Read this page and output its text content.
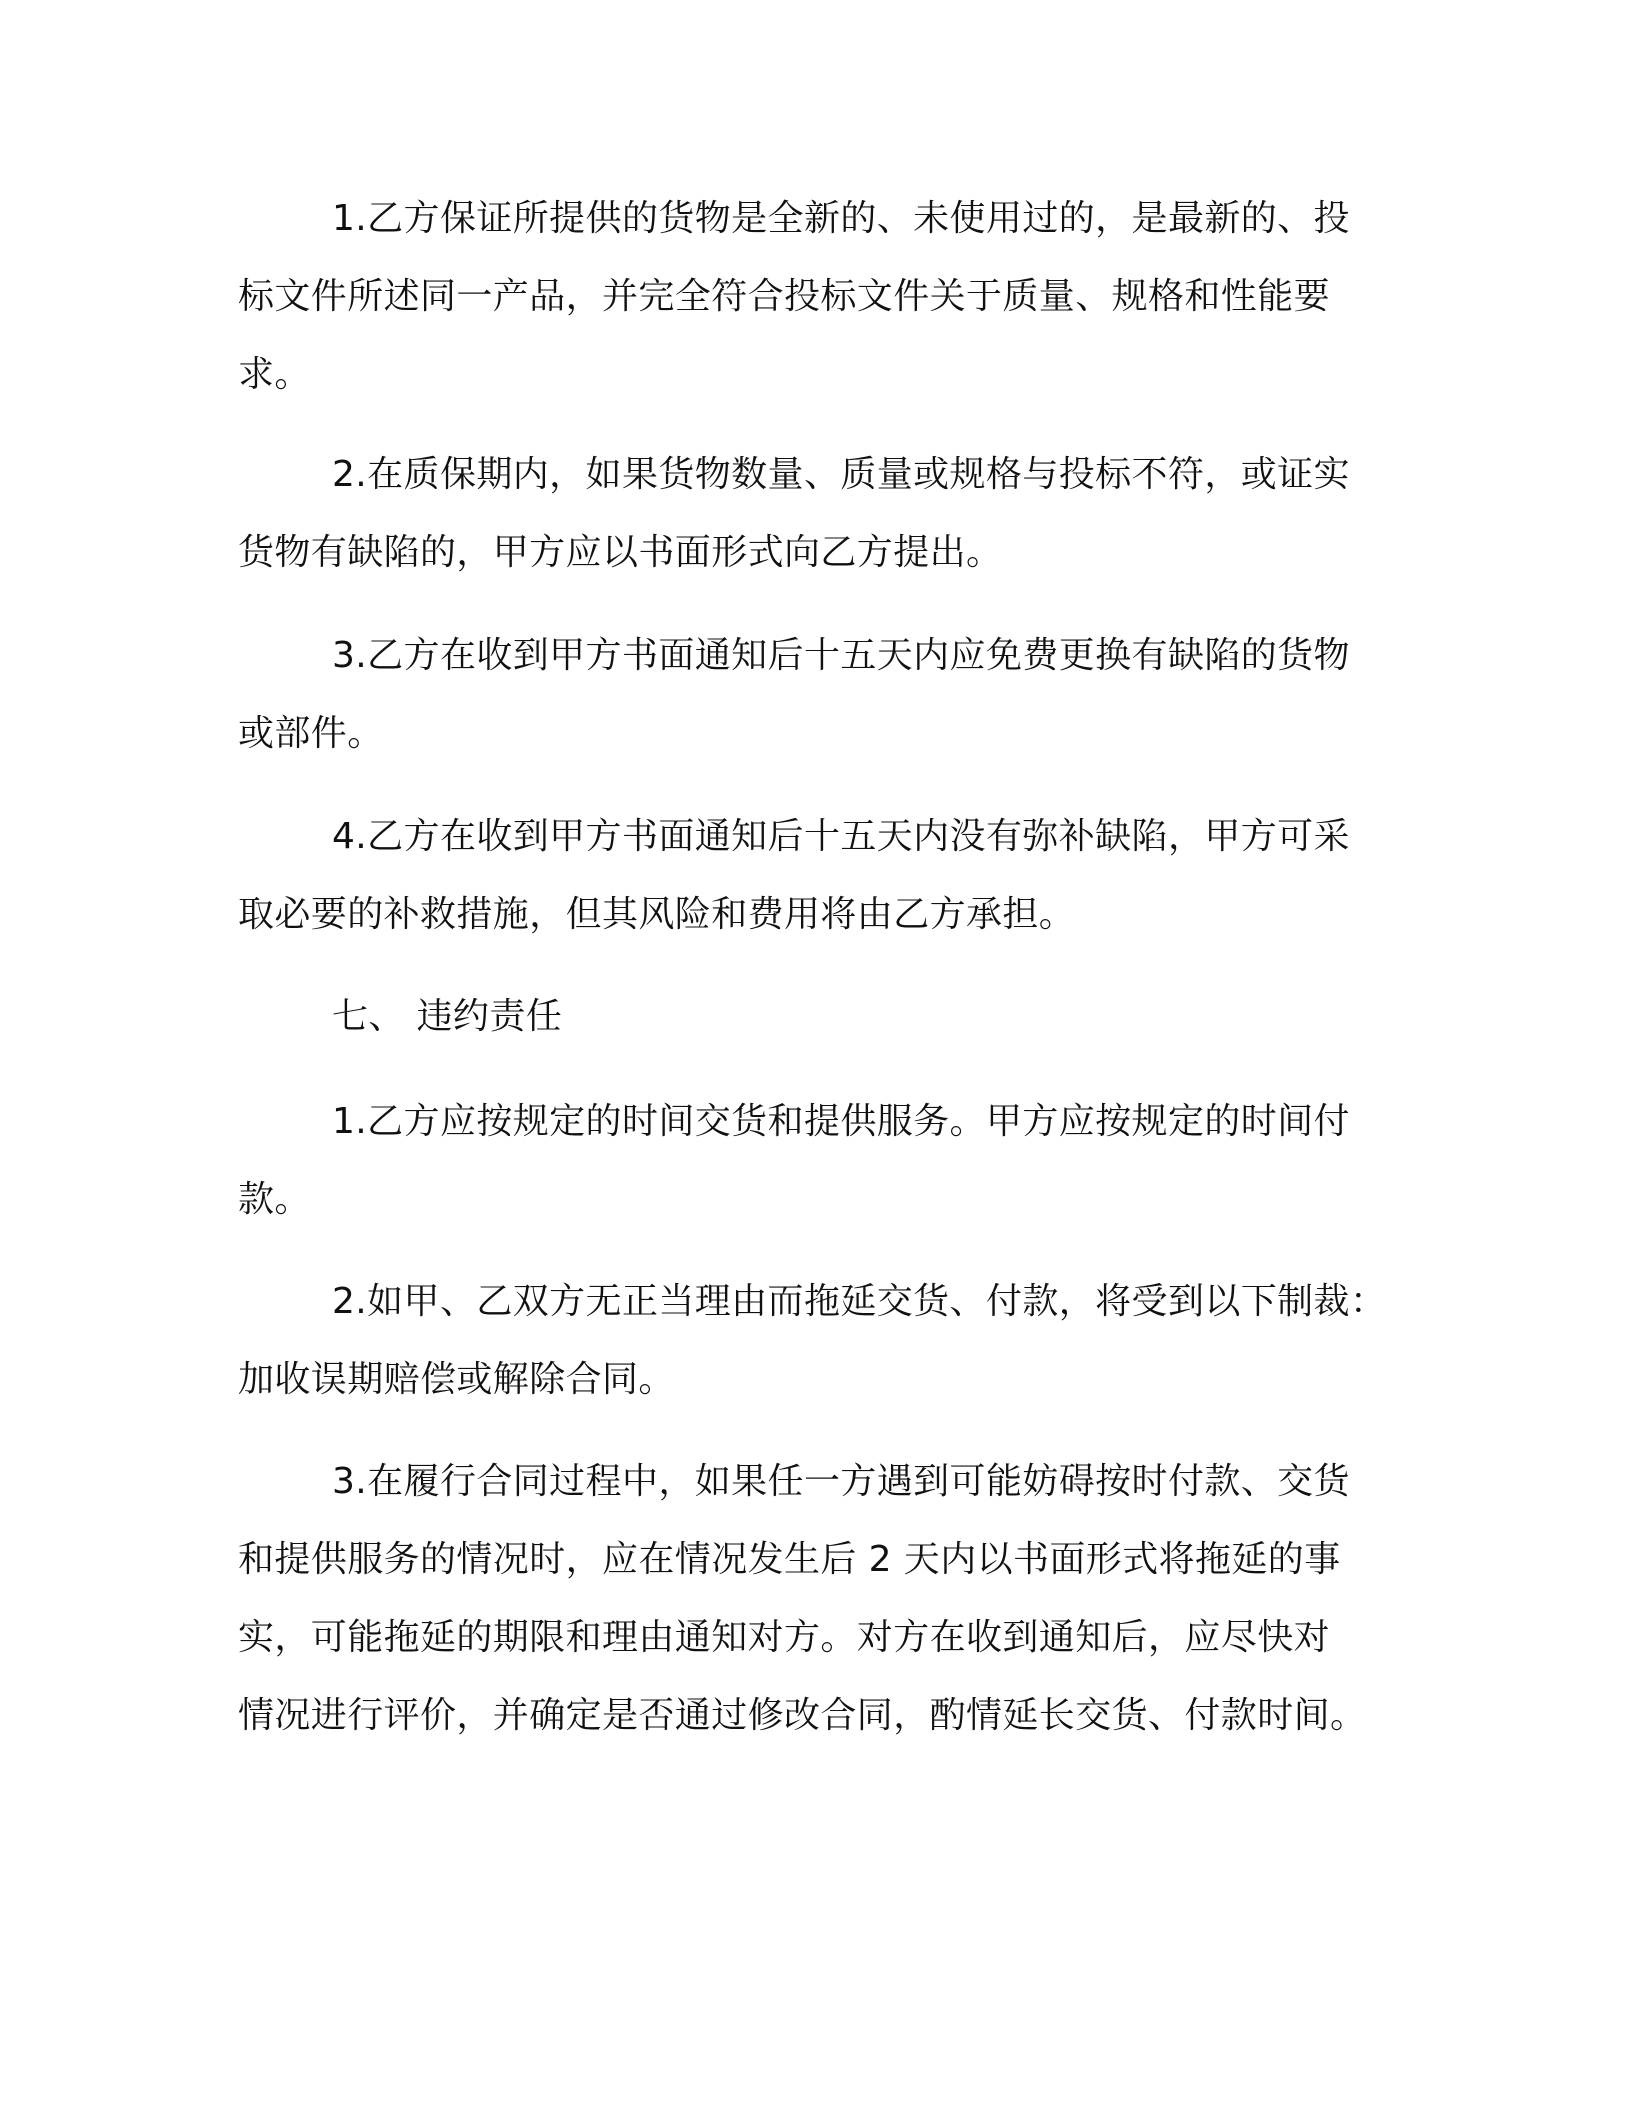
1.乙方保证所提供的货物是全新的、未使用过的，是最新的、投
标文件所述同一产品，并完全符合投标文件关于质量、规格和性能要
求。

2.在质保期内，如果货物数量、质量或规格与投标不符，或证实
货物有缺陷的，甲方应以书面形式向乙方提出。

3.乙方在收到甲方书面通知后十五天内应免费更换有缺陷的货物
或部件。

4.乙方在收到甲方书面通知后十五天内没有弥补缺陷，甲方可采
取必要的补救措施，但其风险和费用将由乙方承担。

七、 违约责任

1.乙方应按规定的时间交货和提供服务。甲方应按规定的时间付
款。

2.如甲、乙双方无正当理由而拖延交货、付款，将受到以下制裁：
加收误期赔偿或解除合同。

3.在履行合同过程中，如果任一方遇到可能妨碍按时付款、交货
和提供服务的情况时，应在情况发生后 2 天内以书面形式将拖延的事
实，可能拖延的期限和理由通知对方。对方在收到通知后，应尽快对
情况进行评价，并确定是否通过修改合同，酌情延长交货、付款时间。
